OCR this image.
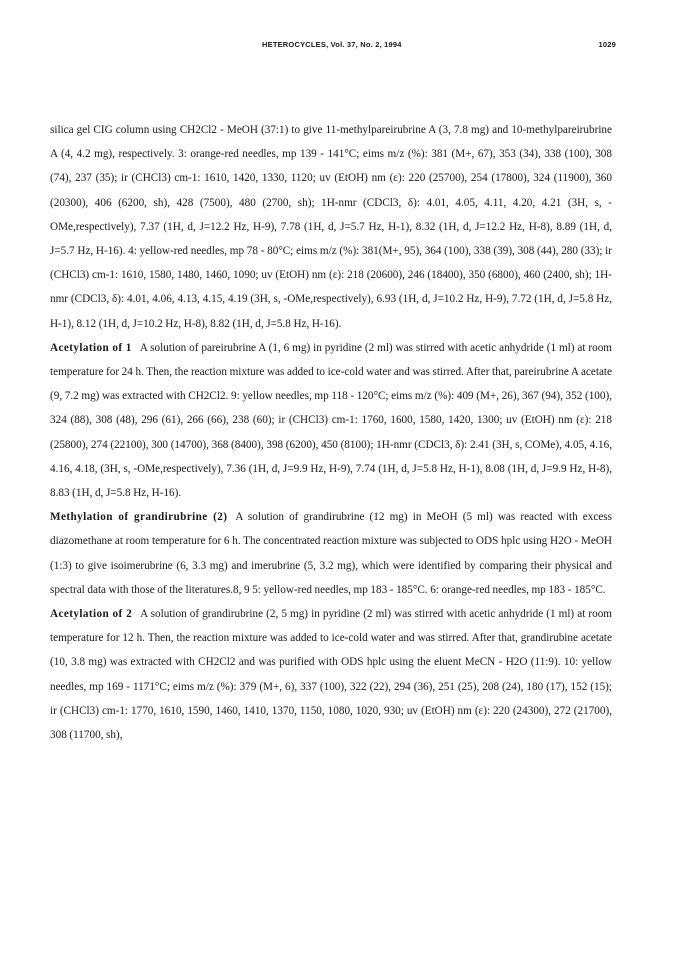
HETEROCYCLES, Vol. 37, No. 2, 1994	1029

silica gel CIG column using CH2Cl2 - MeOH (37:1) to give 11-methylpareirubrine A (3, 7.8 mg) and 10-methylpareirubrine A (4, 4.2 mg), respectively. 3: orange-red needles, mp 139 - 141°C; eims m/z (%): 381 (M+, 67), 353 (34), 338 (100), 308 (74), 237 (35); ir (CHCl3) cm-1: 1610, 1420, 1330, 1120; uv (EtOH) nm (ε): 220 (25700), 254 (17800), 324 (11900), 360 (20300), 406 (6200, sh), 428 (7500), 480 (2700, sh); 1H-nmr (CDCl3, δ): 4.01, 4.05, 4.11, 4.20, 4.21 (3H, s, -OMe,respectively), 7.37 (1H, d, J=12.2 Hz, H-9), 7.78 (1H, d, J=5.7 Hz, H-1), 8.32 (1H, d, J=12.2 Hz, H-8), 8.89 (1H, d, J=5.7 Hz, H-16). 4: yellow-red needles, mp 78 - 80°C; eims m/z (%): 381(M+, 95), 364 (100), 338 (39), 308 (44), 280 (33); ir (CHCl3) cm-1: 1610, 1580, 1480, 1460, 1090; uv (EtOH) nm (ε): 218 (20600), 246 (18400), 350 (6800), 460 (2400, sh); 1H-nmr (CDCl3, δ): 4.01, 4.06, 4.13, 4.15, 4.19 (3H, s, -OMe,respectively), 6.93 (1H, d, J=10.2 Hz, H-9), 7.72 (1H, d, J=5.8 Hz, H-1), 8.12 (1H, d, J=10.2 Hz, H-8), 8.82 (1H, d, J=5.8 Hz, H-16).

Acetylation of 1 A solution of pareirubrine A (1, 6 mg) in pyridine (2 ml) was stirred with acetic anhydride (1 ml) at room temperature for 24 h. Then, the reaction mixture was added to ice-cold water and was stirred. After that, pareirubrine A acetate (9, 7.2 mg) was extracted with CH2Cl2. 9: yellow needles, mp 118 - 120°C; eims m/z (%): 409 (M+, 26), 367 (94), 352 (100), 324 (88), 308 (48), 296 (61), 266 (66), 238 (60); ir (CHCl3) cm-1: 1760, 1600, 1580, 1420, 1300; uv (EtOH) nm (ε): 218 (25800), 274 (22100), 300 (14700), 368 (8400), 398 (6200), 450 (8100); 1H-nmr (CDCl3, δ): 2.41 (3H, s, COMe), 4.05, 4.16, 4.16, 4.18, (3H, s, -OMe,respectively), 7.36 (1H, d, J=9.9 Hz, H-9), 7.74 (1H, d, J=5.8 Hz, H-1), 8.08 (1H, d, J=9.9 Hz, H-8), 8.83 (1H, d, J=5.8 Hz, H-16).

Methylation of grandirubrine (2) A solution of grandirubrine (12 mg) in MeOH (5 ml) was reacted with excess diazomethane at room temperature for 6 h. The concentrated reaction mixture was subjected to ODS hplc using H2O - MeOH (1:3) to give isoimerubrine (6, 3.3 mg) and imerubrine (5, 3.2 mg), which were identified by comparing their physical and spectral data with those of the literatures.8, 9 5: yellow-red needles, mp 183 - 185°C. 6: orange-red needles, mp 183 - 185°C.

Acetylation of 2 A solution of grandirubrine (2, 5 mg) in pyridine (2 ml) was stirred with acetic anhydride (1 ml) at room temperature for 12 h. Then, the reaction mixture was added to ice-cold water and was stirred. After that, grandirubine acetate (10, 3.8 mg) was extracted with CH2Cl2 and was purified with ODS hplc using the eluent MeCN - H2O (11:9). 10: yellow needles, mp 169 - 1171°C; eims m/z (%): 379 (M+, 6), 337 (100), 322 (22), 294 (36), 251 (25), 208 (24), 180 (17), 152 (15); ir (CHCl3) cm-1: 1770, 1610, 1590, 1460, 1410, 1370, 1150, 1080, 1020, 930; uv (EtOH) nm (ε): 220 (24300), 272 (21700), 308 (11700, sh),
